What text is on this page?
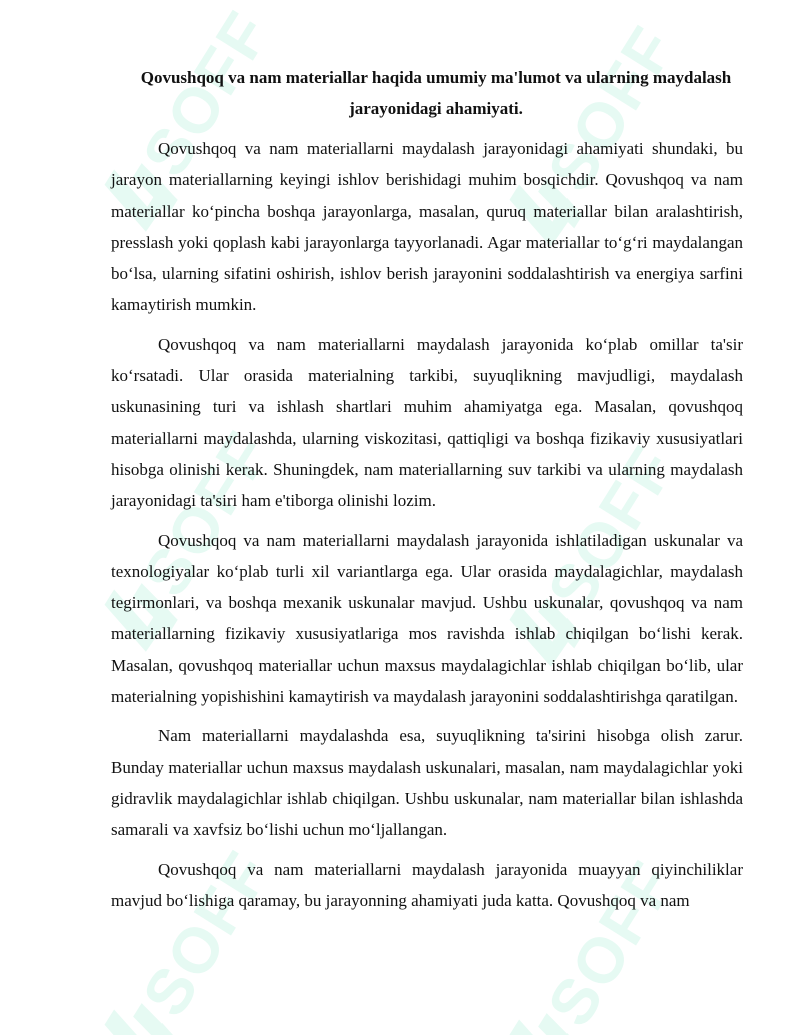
SOFF
Qovushqoq va nam materiallar haqida umumiy ma'lumot va ularning maydalash jarayonidagi ahamiyati.

Qovushqoq va nam materiallarni maydalash jarayonidagi ahamiyati shundaki, bu jarayon materiallarning keyingi ishlov berishidagi muhim bosqichdir. Qovushqoq va nam materiallar ko‘pincha boshqa jarayonlarga, masalan, quruq materiallar bilan aralashtirish, presslash yoki qoplash kabi jarayonlarga tayyorlanadi. Agar materiallar to‘g‘ri maydalangan bo‘lsa, ularning sifatini oshirish, ishlov berish jarayonini soddalashtirish va energiya sarfini kamaytirish mumkin.

Qovushqoq va nam materiallarni maydalash jarayonida ko‘plab omillar ta'sir ko‘rsatadi. Ular orasida materialning tarkibi, suyuqlikning mavjudligi, maydalash uskunasining turi va ishlash shartlari muhim ahamiyatga ega. Masalan, qovushqoq materiallarni maydalashda, ularning viskozitasi, qattiqligi va boshqa fizikaviy xususiyatlari hisobga olinishi kerak. Shuningdek, nam materiallarning suv tarkibi va ularning maydalash jarayonidagi ta'siri ham e'tiborga olinishi lozim.

Qovushqoq va nam materiallarni maydalash jarayonida ishlatiladigan uskunalar va texnologiyalar ko‘plab turli xil variantlarga ega. Ular orasida maydalagichlar, maydalash tegirmonlari, va boshqa mexanik uskunalar mavjud. Ushbu uskunalar, qovushqoq va nam materiallarning fizikaviy xususiyatlariga mos ravishda ishlab chiqilgan bo‘lishi kerak. Masalan, qovushqoq materiallar uchun maxsus maydalagichlar ishlab chiqilgan bo‘lib, ular materialning yopishishini kamaytirish va maydalash jarayonini soddalashtirishga qaratilgan.

Nam materiallarni maydalashda esa, suyuqlikning ta'sirini hisobga olish zarur. Bunday materiallar uchun maxsus maydalash uskunalari, masalan, nam maydalagichlar yoki gidravlik maydalagichlar ishlab chiqilgan. Ushbu uskunalar, nam materiallar bilan ishlashda samarali va xavfsiz bo‘lishi uchun mo‘ljallangan.

Qovushqoq va nam materiallarni maydalash jarayonida muayyan qiyinchiliklar mavjud bo‘lishiga qaramay, bu jarayonning ahamiyati juda katta. Qovushqoq va nam
